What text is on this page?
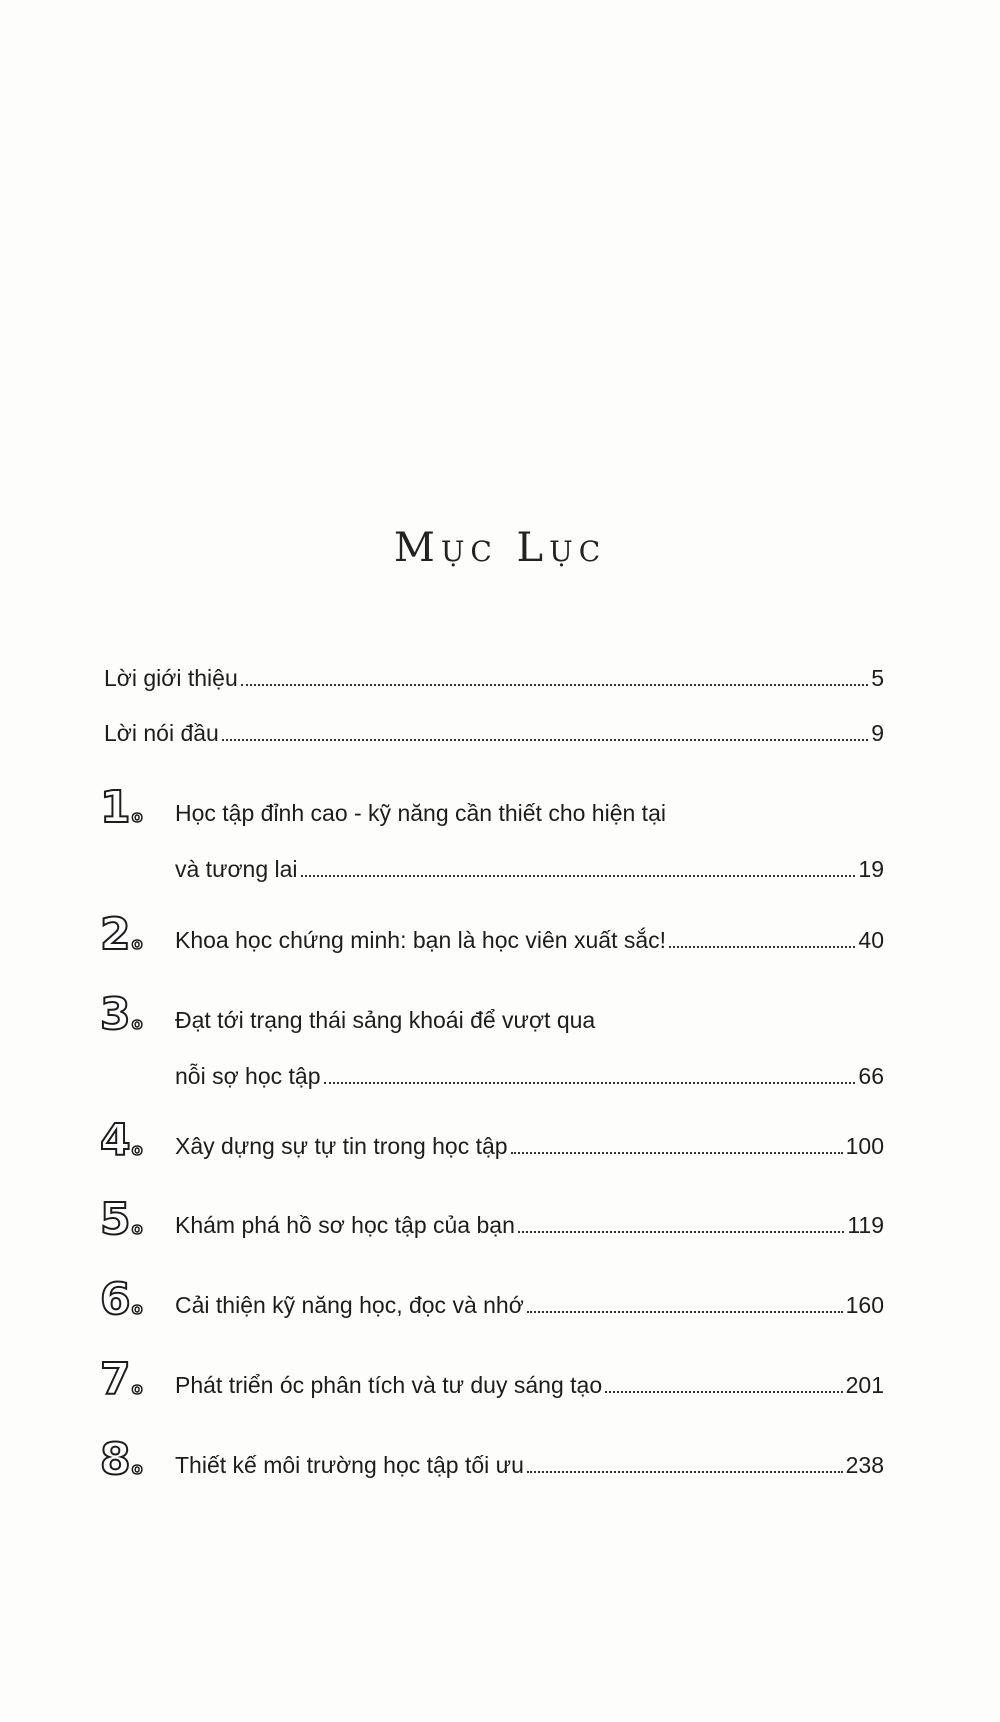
Mục Lục
Lời giới thiệu	5
Lời nói đầu	9
1o Học tập đỉnh cao - kỹ năng cần thiết cho hiện tại
và tương lai	19
2o Khoa học chứng minh: bạn là học viên xuất sắc!	40
3o Đạt tới trạng thái sảng khoái để vượt qua
nỗi sợ học tập	66
4o Xây dựng sự tự tin trong học tập	100
5o Khám phá hồ sơ học tập của bạn	119
6o Cải thiện kỹ năng học, đọc và nhớ	160
7o Phát triển óc phân tích và tư duy sáng tạo	201
8o Thiết kế môi trường học tập tối ưu	238
